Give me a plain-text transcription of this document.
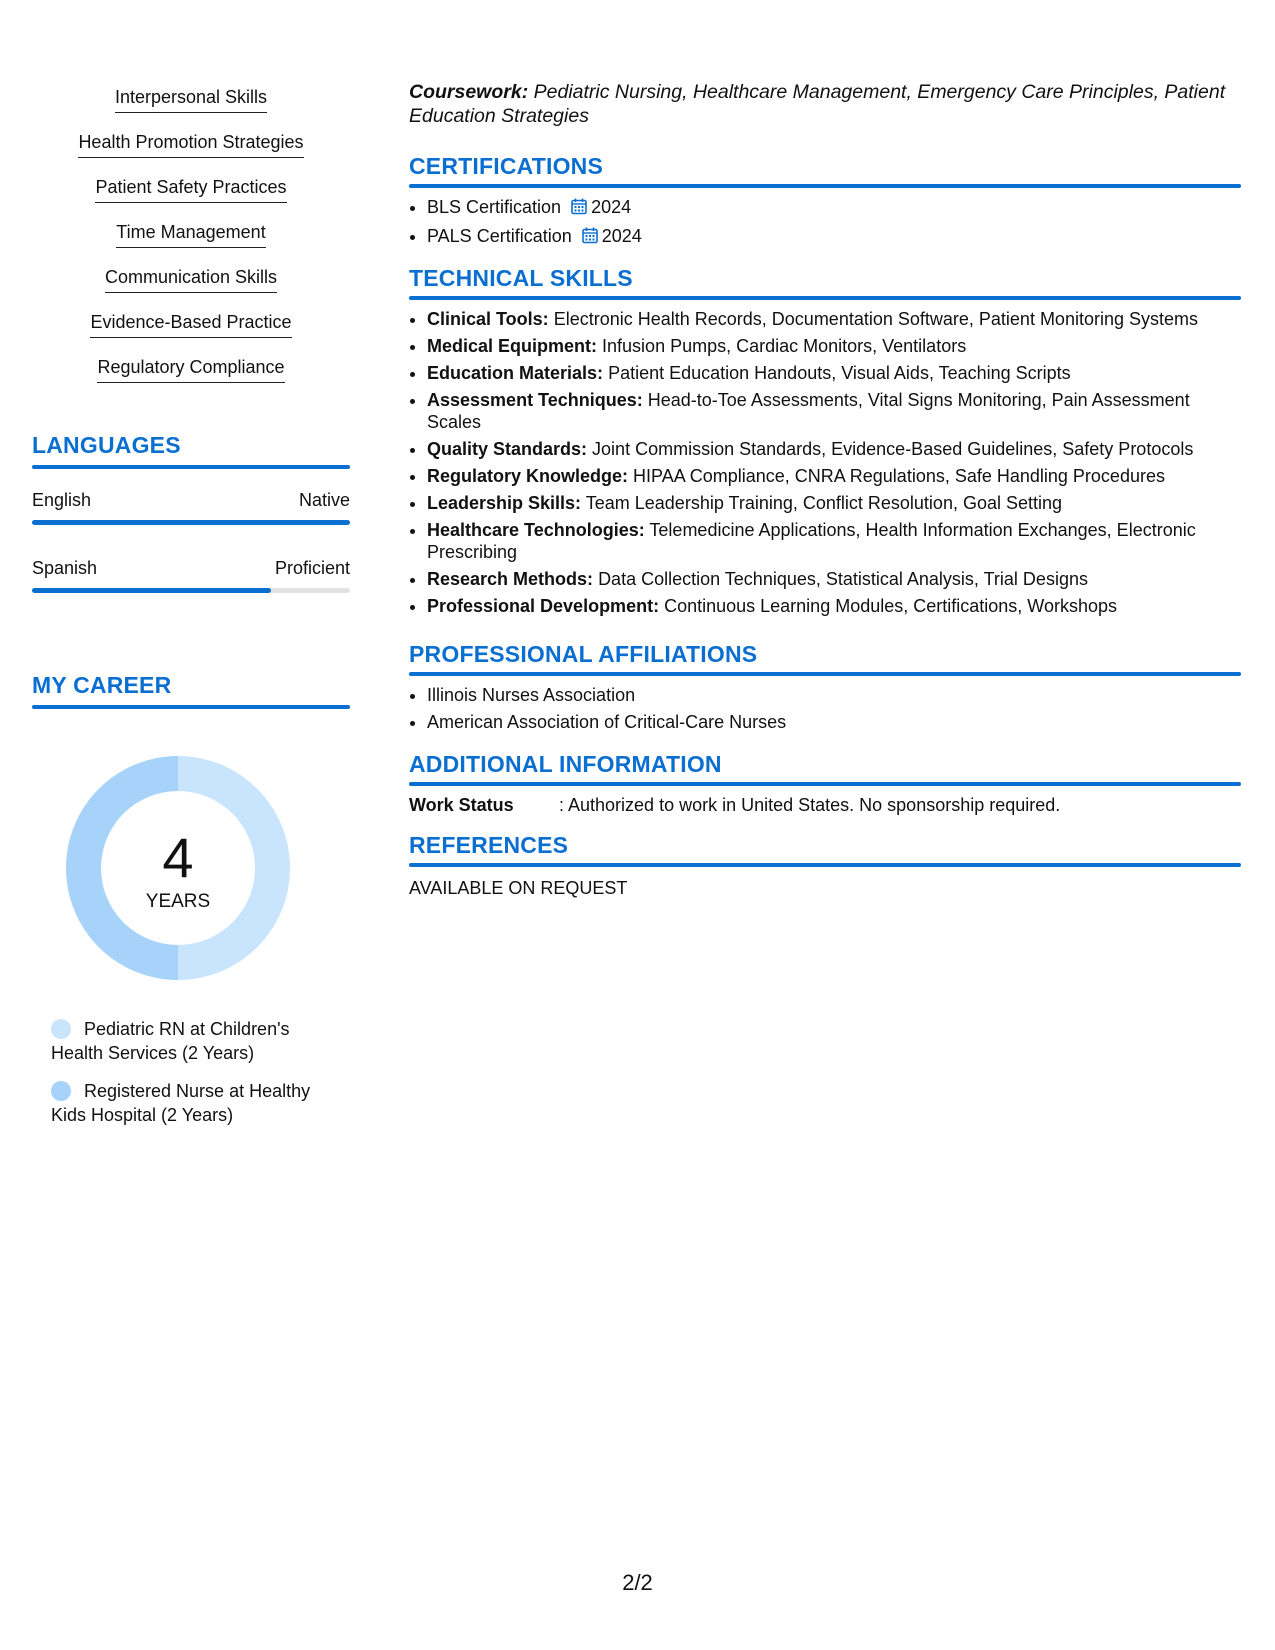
Interpersonal Skills
Health Promotion Strategies
Patient Safety Practices
Time Management
Communication Skills
Evidence-Based Practice
Regulatory Compliance
LANGUAGES
English	Native
Spanish	Proficient
MY CAREER
4
YEARS
Pediatric RN at Children's Health Services (2 Years)
Registered Nurse at Healthy Kids Hospital (2 Years)
Coursework: Pediatric Nursing, Healthcare Management, Emergency Care Principles, Patient Education Strategies
CERTIFICATIONS
• BLS Certification 2024
• PALS Certification 2024
TECHNICAL SKILLS
• Clinical Tools: Electronic Health Records, Documentation Software, Patient Monitoring Systems
• Medical Equipment: Infusion Pumps, Cardiac Monitors, Ventilators
• Education Materials: Patient Education Handouts, Visual Aids, Teaching Scripts
• Assessment Techniques: Head-to-Toe Assessments, Vital Signs Monitoring, Pain Assessment Scales
• Quality Standards: Joint Commission Standards, Evidence-Based Guidelines, Safety Protocols
• Regulatory Knowledge: HIPAA Compliance, CNRA Regulations, Safe Handling Procedures
• Leadership Skills: Team Leadership Training, Conflict Resolution, Goal Setting
• Healthcare Technologies: Telemedicine Applications, Health Information Exchanges, Electronic Prescribing
• Research Methods: Data Collection Techniques, Statistical Analysis, Trial Designs
• Professional Development: Continuous Learning Modules, Certifications, Workshops
PROFESSIONAL AFFILIATIONS
• Illinois Nurses Association
• American Association of Critical-Care Nurses
ADDITIONAL INFORMATION
Work Status	: Authorized to work in United States. No sponsorship required.
REFERENCES
AVAILABLE ON REQUEST
2/2
